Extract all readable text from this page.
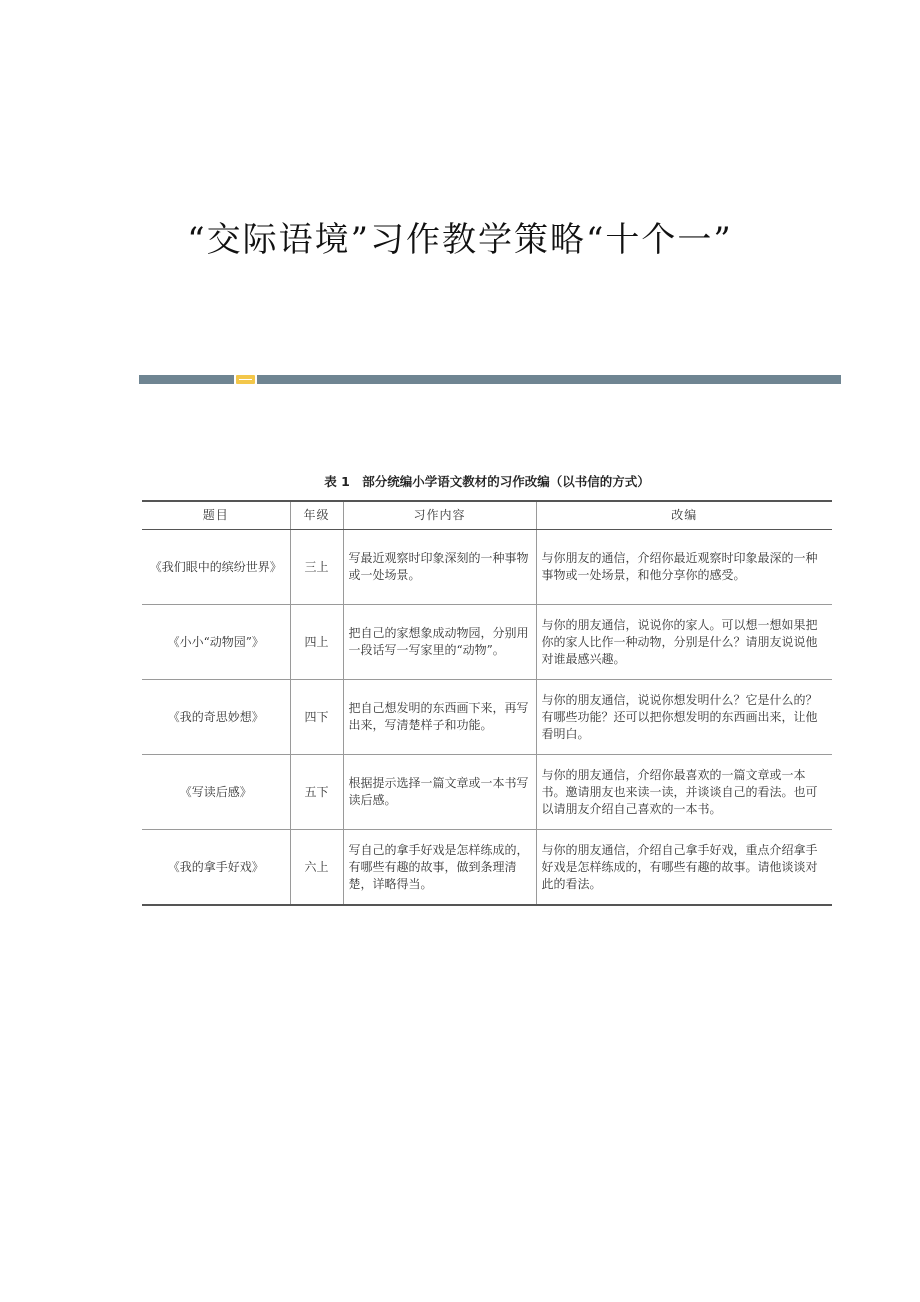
“交际语境”习作教学策略“十个一”
表 1　部分统编小学语文教材的习作改编（以书信的方式）
题目	年级	习作内容	改编
《我们眼中的缤纷世界》	三上	写最近观察时印象深刻的一种事物或一处场景。	与你朋友的通信，介绍你最近观察时印象最深的一种事物或一处场景，和他分享你的感受。
《小小“动物园”》	四上	把自己的家想象成动物园，分别用一段话写一写家里的“动物”。	与你的朋友通信，说说你的家人。可以想一想如果把你的家人比作一种动物，分别是什么？请朋友说说他对谁最感兴趣。
《我的奇思妙想》	四下	把自己想发明的东西画下来，再写出来，写清楚样子和功能。	与你的朋友通信，说说你想发明什么？它是什么的？有哪些功能？还可以把你想发明的东西画出来，让他看明白。
《写读后感》	五下	根据提示选择一篇文章或一本书写读后感。	与你的朋友通信，介绍你最喜欢的一篇文章或一本书。邀请朋友也来读一读，并谈谈自己的看法。也可以请朋友介绍自己喜欢的一本书。
《我的拿手好戏》	六上	写自己的拿手好戏是怎样练成的，有哪些有趣的故事，做到条理清楚，详略得当。	与你的朋友通信，介绍自己拿手好戏，重点介绍拿手好戏是怎样练成的，有哪些有趣的故事。请他谈谈对此的看法。
